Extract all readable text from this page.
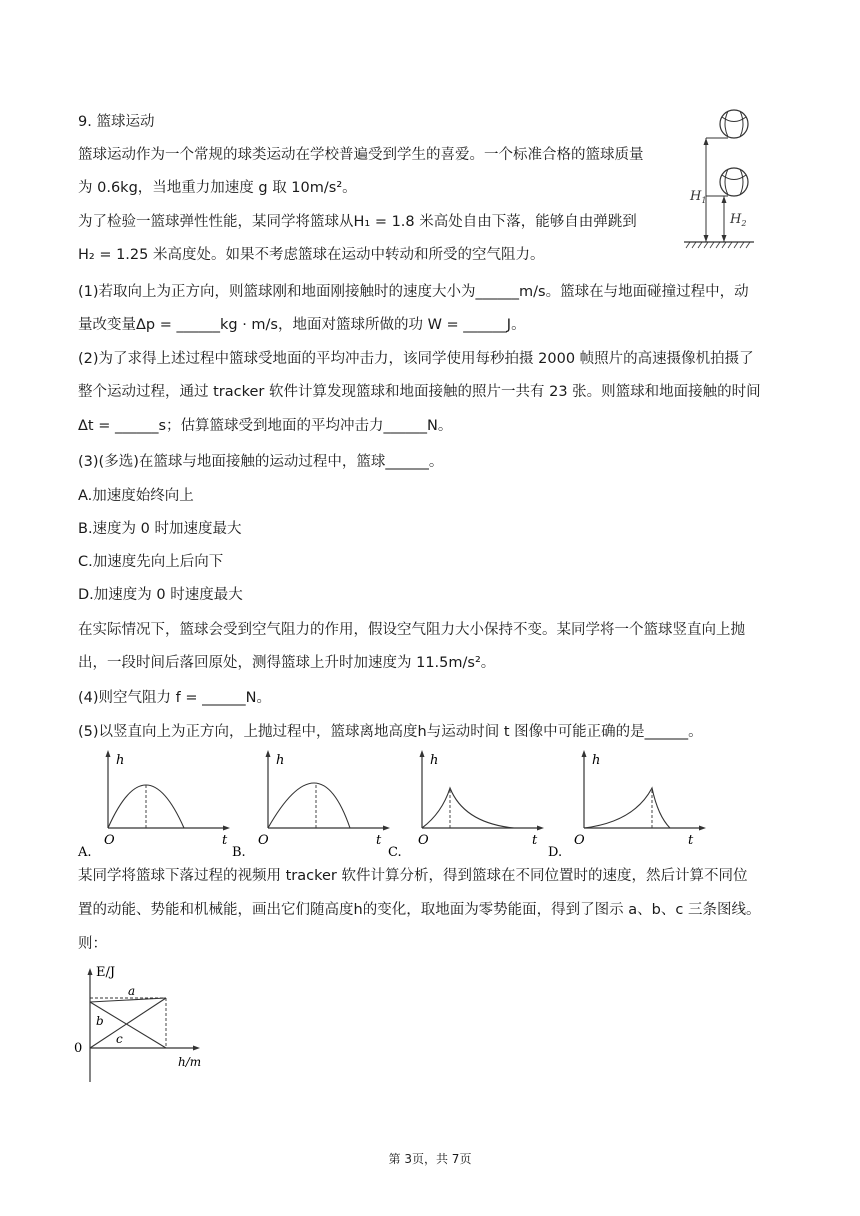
9. 篮球运动
篮球运动作为一个常规的球类运动在学校普遍受到学生的喜爱。一个标准合格的篮球质量
为 0.6kg，当地重力加速度 g 取 10m/s²。
为了检验一篮球弹性性能，某同学将篮球从H₁ = 1.8 米高处自由下落，能够自由弹跳到
H₂ = 1.25 米高度处。如果不考虑篮球在运动中转动和所受的空气阻力。
(1)若取向上为正方向，则篮球刚和地面刚接触时的速度大小为______m/s。篮球在与地面碰撞过程中，动
量改变量Δp = ______kg · m/s，地面对篮球所做的功 W = ______J。
(2)为了求得上述过程中篮球受地面的平均冲击力，该同学使用每秒拍摄 2000 帧照片的高速摄像机拍摄了
整个运动过程，通过 tracker 软件计算发现篮球和地面接触的照片一共有 23 张。则篮球和地面接触的时间
Δt = ______s；估算篮球受到地面的平均冲击力______N。
(3)(多选)在篮球与地面接触的运动过程中，篮球______。
A.加速度始终向上
B.速度为 0 时加速度最大
C.加速度先向上后向下
D.加速度为 0 时速度最大
在实际情况下，篮球会受到空气阻力的作用，假设空气阻力大小保持不变。某同学将一个篮球竖直向上抛
出，一段时间后落回原处，测得篮球上升时加速度为 11.5m/s²。
(4)则空气阻力 f = ______N。
(5)以竖直向上为正方向，上抛过程中，篮球离地高度h与运动时间 t 图像中可能正确的是______。
某同学将篮球下落过程的视频用 tracker 软件计算分析，得到篮球在不同位置时的速度，然后计算不同位
置的动能、势能和机械能，画出它们随高度h的变化，取地面为零势能面，得到了图示 a、b、c 三条图线。
则：
$H_1$
$H_2$
h
O	t
A.
h
O	t
B.
h
O	t
C.
h
O	t
D.
E/J
0
h/m
a
b
c
第 3页，共 7页
